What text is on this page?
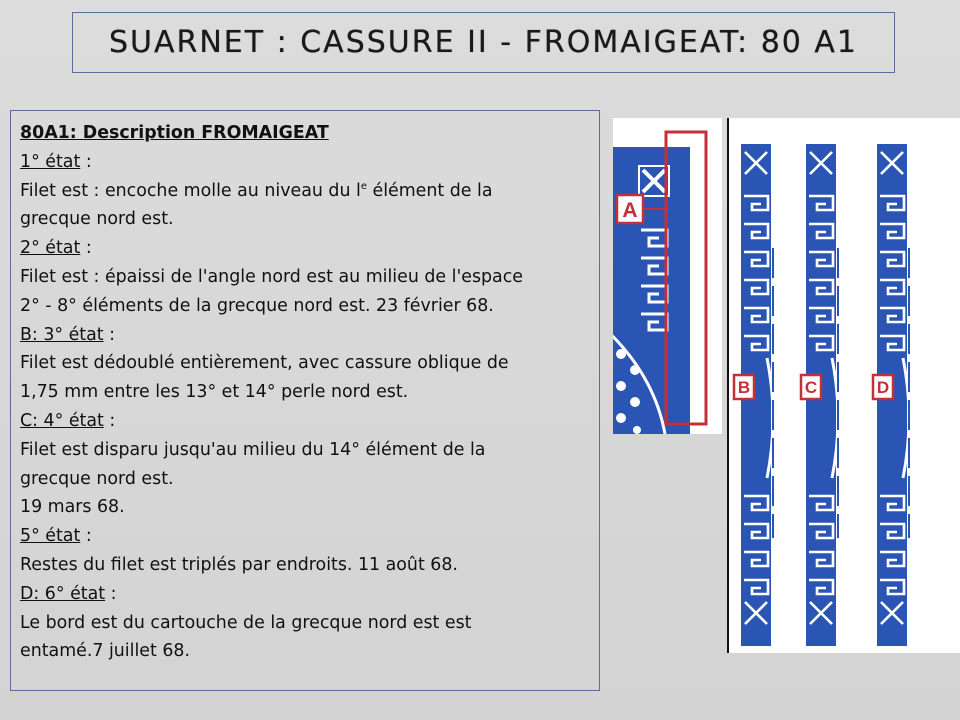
SUARNET : CASSURE II - FROMAIGEAT: 80 A1
80A1: Description FROMAIGEAT
1° état :
Filet est : encoche molle au niveau du $l^e$ élément de la
grecque nord est.
2° état :
Filet est : épaissi de l'angle nord est au milieu de l'espace
2° - 8° éléments de la grecque nord est. 23 février 68.
B: 3° état :
Filet est dédoublé entièrement, avec cassure oblique de
1,75 mm entre les 13° et 14° perle nord est.
C: 4° état :
Filet est disparu jusqu'au milieu du 14° élément de la
grecque nord est.
19 mars 68.
5° état :
Restes du filet est triplés par endroits. 11 août 68.
D: 6° état :
Le bord est du cartouche de la grecque nord est est
entamé.7 juillet 68.
A
B	C	D
